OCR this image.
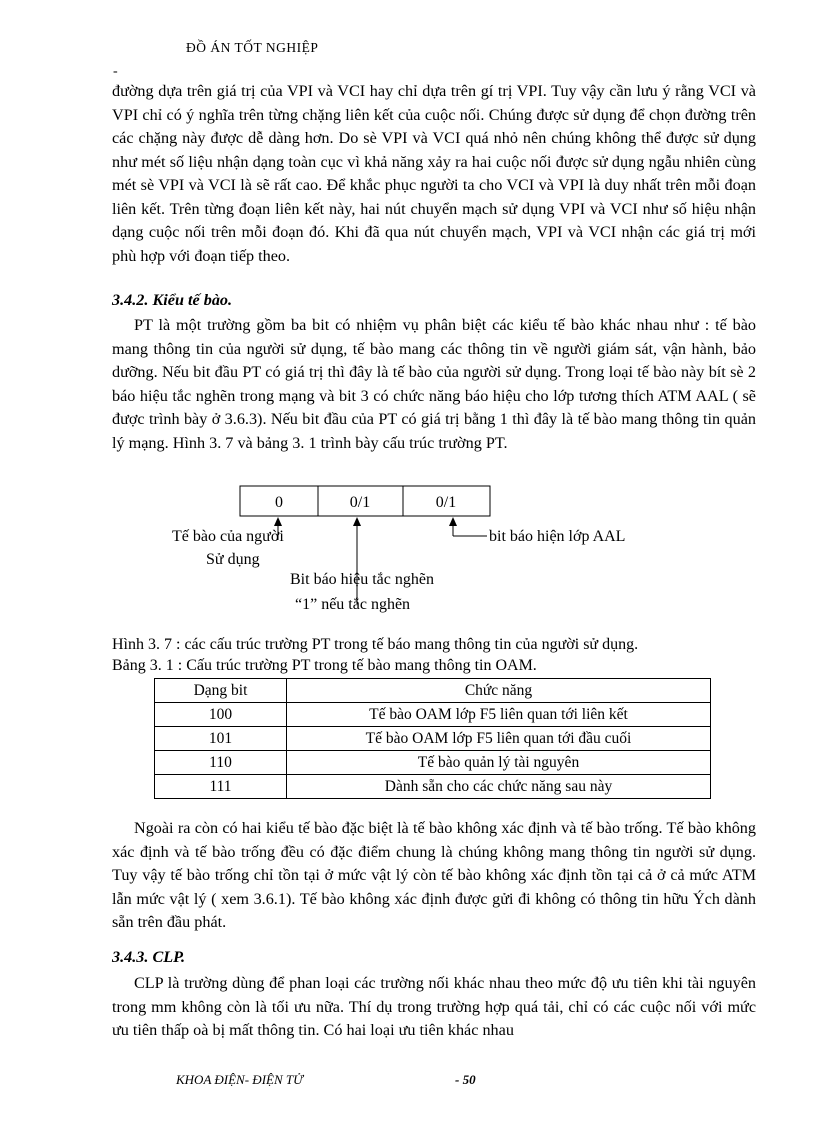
ĐỒ ÁN TỐT NGHIỆP
-

đường dựa trên giá trị của VPI và VCI hay chỉ dựa trên gí trị VPI. Tuy vậy cần lưu ý rằng VCI và VPI chỉ có ý nghĩa trên từng chặng liên kết của cuộc nối. Chúng được sử dụng để chọn đường trên các chặng này được dễ dàng hơn. Do sè VPI và VCI quá nhỏ nên chúng không thể được sử dụng như mét số liệu nhận dạng toàn cục vì khả năng xảy ra hai cuộc nối được sử dụng ngẫu nhiên cùng mét sè VPI và VCI là sẽ rất cao. Để khắc phục người ta cho VCI và VPI là duy nhất trên mỗi đoạn liên kết. Trên từng đoạn liên kết này, hai nút chuyển mạch sử dụng VPI và VCI như số hiệu nhận dạng cuộc nối trên mỗi đoạn đó. Khi đã qua nút chuyển mạch, VPI và VCI nhận các giá trị mới phù hợp với đoạn tiếp theo.

3.4.2. Kiểu tế bào.

PT là một trường gồm ba bit có nhiệm vụ phân biệt các kiểu tế bào khác nhau như : tế bào mang thông tin của người sử dụng, tế bào mang các thông tin về người giám sát, vận hành, bảo dưỡng. Nếu bit đầu PT có giá trị thì đây là tế bào của người sử dụng. Trong loại tế bào này bít sè 2 báo hiệu tắc nghẽn trong mạng và bit 3 có chức năng báo hiệu cho lớp tương thích ATM AAL ( sẽ được trình bày ở 3.6.3). Nếu bit đầu của PT có giá trị bằng 1 thì đây là tế bào mang thông tin quản lý mạng. Hình 3. 7 và bảng 3. 1 trình bày cấu trúc trường PT.

0	0/1	0/1
Tế bào của người
Sử dụng
Bit báo hiệu tắc nghẽn
“1” nếu tắc nghẽn
bit báo hiện lớp AAL
Hình 3. 7 : các cấu trúc trường PT trong tế báo mang thông tin của người sử dụng.
Bảng 3. 1 : Cấu trúc trường PT trong tế bào mang thông tin OAM.
Dạng bit	Chức năng
100	Tế bào OAM lớp F5 liên quan tới liên kết
101	Tế bào OAM lớp F5 liên quan tới đầu cuối
110	Tế bào quản lý tài nguyên
111	Dành sẵn cho các chức năng sau này

Ngoài ra còn có hai kiểu tế bào đặc biệt là tế bào không xác định và tế bào trống. Tế bào không xác định và tế bào trống đều có đặc điểm chung là chúng không mang thông tin người sử dụng. Tuy vậy tế bào trống chỉ tồn tại ở mức vật lý còn tế bào không xác định tồn tại cả ở cả mức ATM lẫn mức vật lý ( xem 3.6.1). Tế bào không xác định được gửi đi không có thông tin hữu Ých dành sẵn trên đầu phát.

3.4.3. CLP.

CLP là trường dùng để phan loại các trường nối khác nhau theo mức độ ưu tiên khi tài nguyên trong mm không còn là tối ưu nữa. Thí dụ trong trường hợp quá tải, chỉ có các cuộc nối với mức ưu tiên thấp oà bị mất thông tin. Có hai loại ưu tiên khác nhau

KHOA ĐIỆN- ĐIỆN TỬ	- 50
